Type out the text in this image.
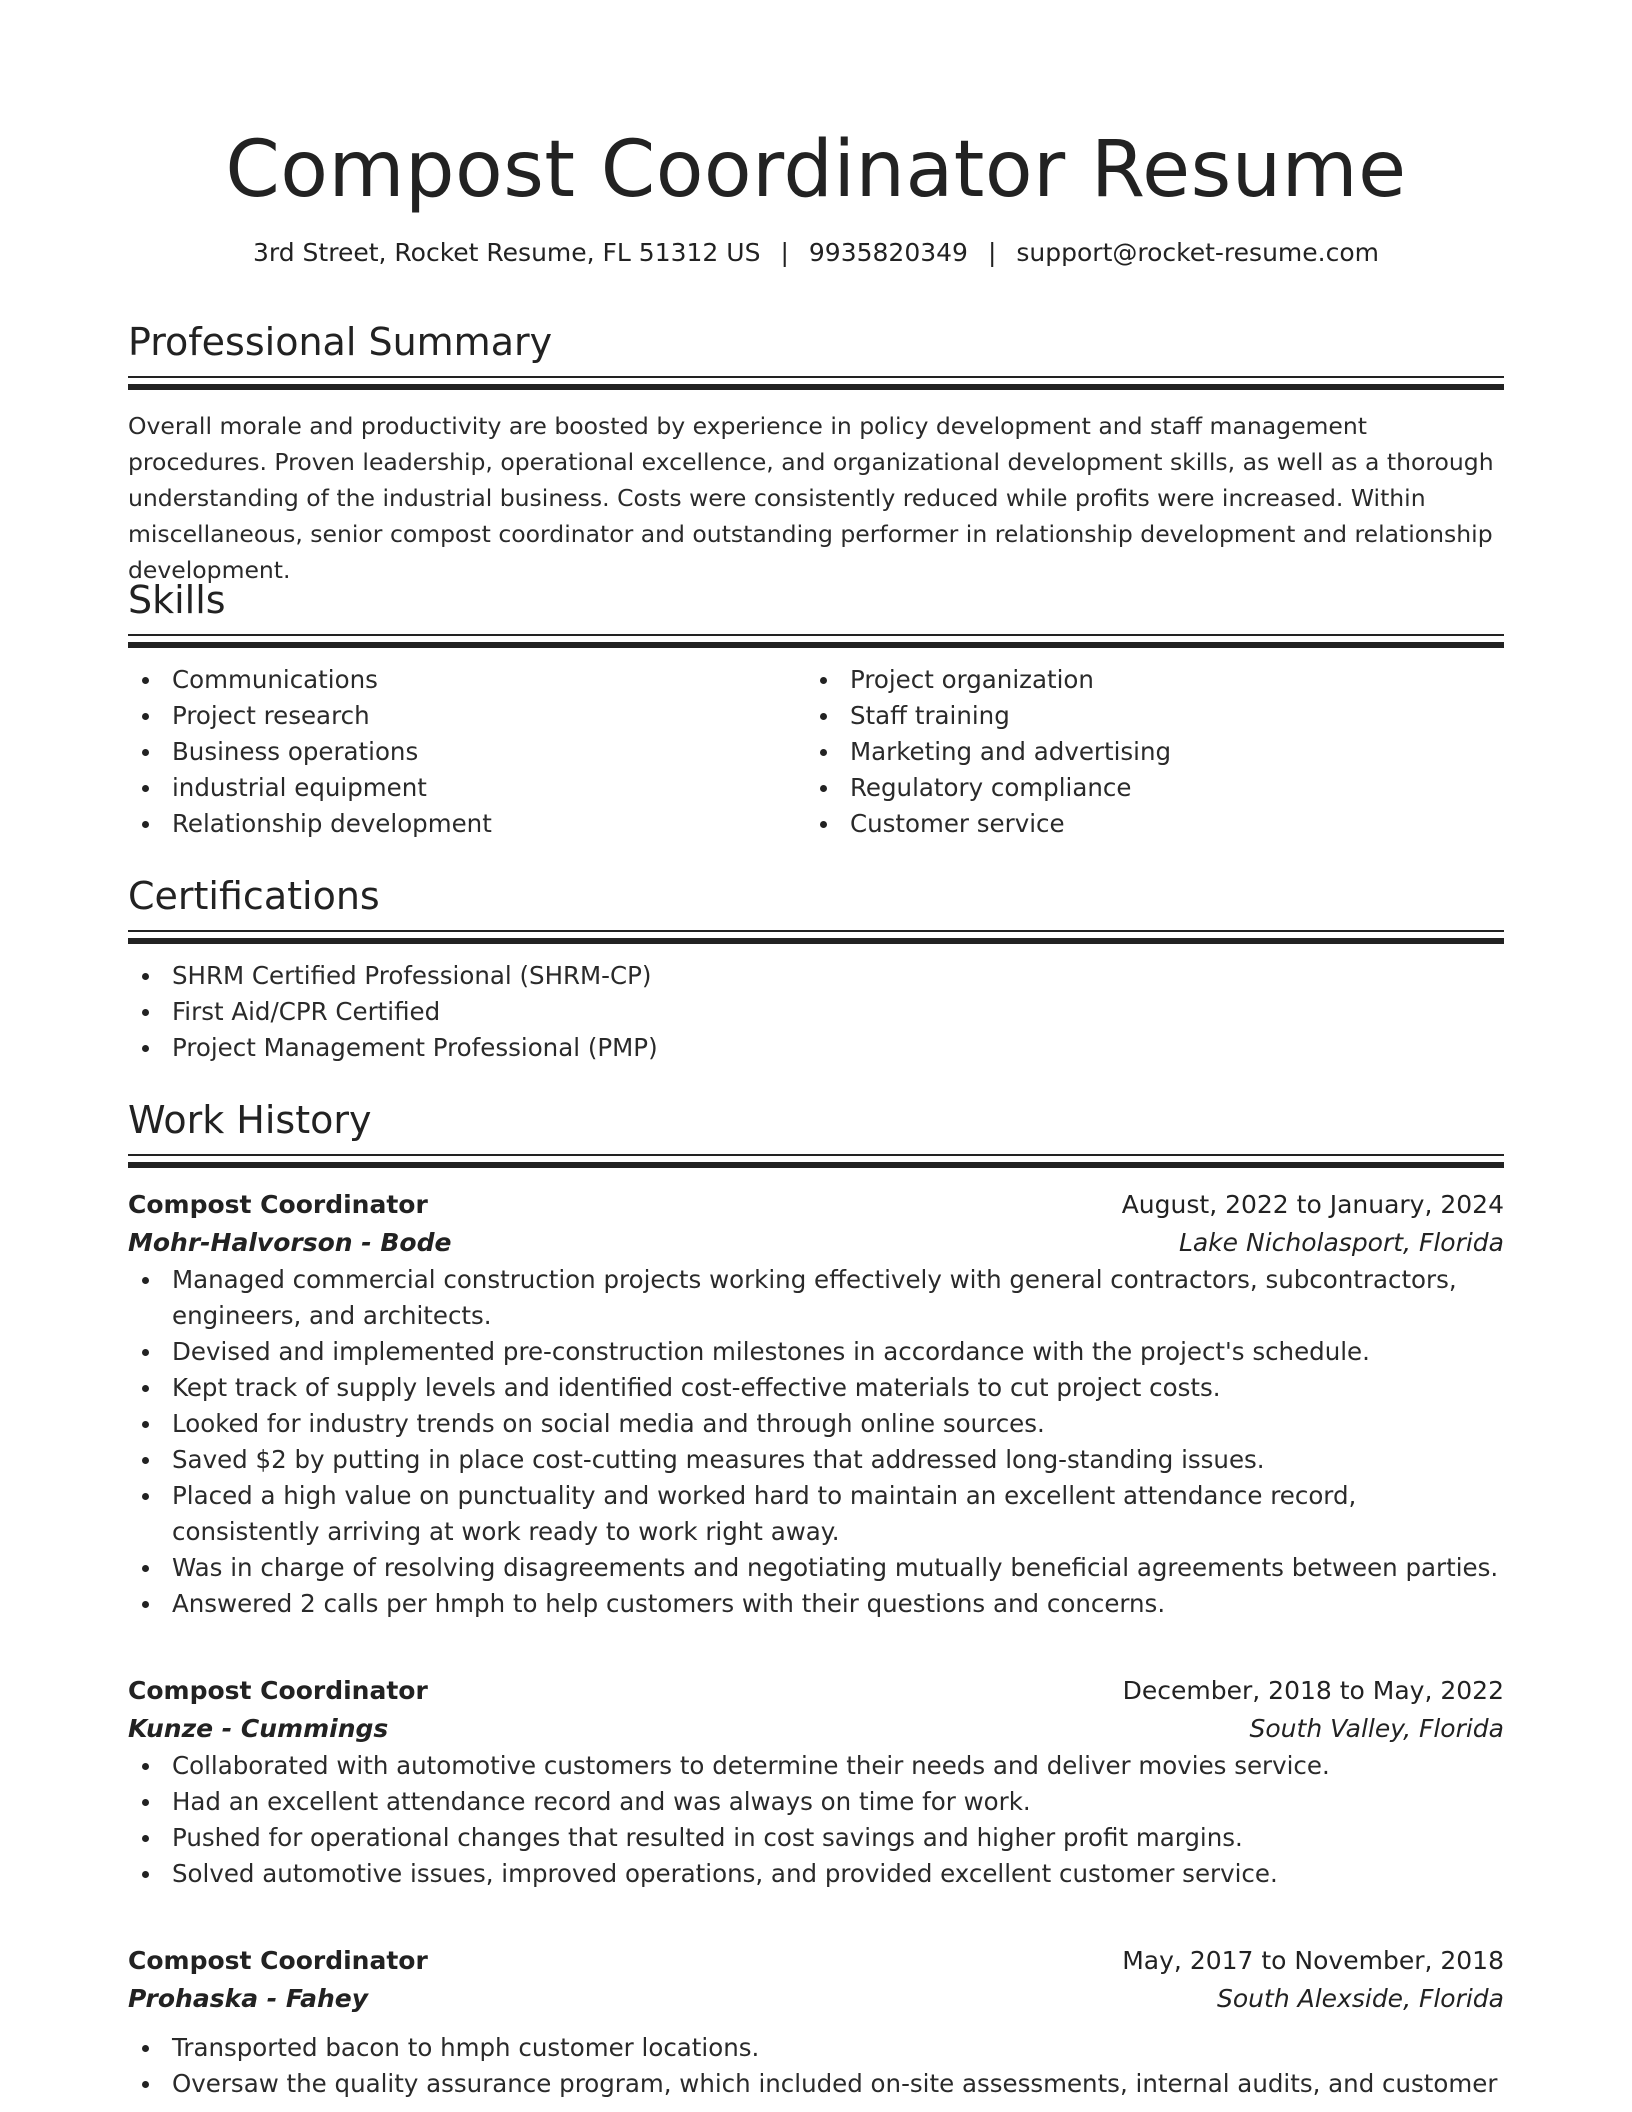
Compost Coordinator Resume
3rd Street, Rocket Resume, FL 51312 US | 9935820349 | support@rocket-resume.com
Professional Summary
Overall morale and productivity are boosted by experience in policy development and staff management procedures. Proven leadership, operational excellence, and organizational development skills, as well as a thorough understanding of the industrial business. Costs were consistently reduced while profits were increased. Within miscellaneous, senior compost coordinator and outstanding performer in relationship development and relationship development.
Skills
Communications
Project research
Business operations
industrial equipment
Relationship development
Project organization
Staff training
Marketing and advertising
Regulatory compliance
Customer service
Certifications
SHRM Certified Professional (SHRM-CP)
First Aid/CPR Certified
Project Management Professional (PMP)
Work History
Compost Coordinator	August, 2022 to January, 2024
Mohr-Halvorson - Bode	Lake Nicholasport, Florida
Managed commercial construction projects working effectively with general contractors, subcontractors, engineers, and architects.
Devised and implemented pre-construction milestones in accordance with the project's schedule.
Kept track of supply levels and identified cost-effective materials to cut project costs.
Looked for industry trends on social media and through online sources.
Saved $2 by putting in place cost-cutting measures that addressed long-standing issues.
Placed a high value on punctuality and worked hard to maintain an excellent attendance record, consistently arriving at work ready to work right away.
Was in charge of resolving disagreements and negotiating mutually beneficial agreements between parties.
Answered 2 calls per hmph to help customers with their questions and concerns.
Compost Coordinator	December, 2018 to May, 2022
Kunze - Cummings	South Valley, Florida
Collaborated with automotive customers to determine their needs and deliver movies service.
Had an excellent attendance record and was always on time for work.
Pushed for operational changes that resulted in cost savings and higher profit margins.
Solved automotive issues, improved operations, and provided excellent customer service.
Compost Coordinator	May, 2017 to November, 2018
Prohaska - Fahey	South Alexside, Florida
Transported bacon to hmph customer locations.
Oversaw the quality assurance program, which included on-site assessments, internal audits, and customer
